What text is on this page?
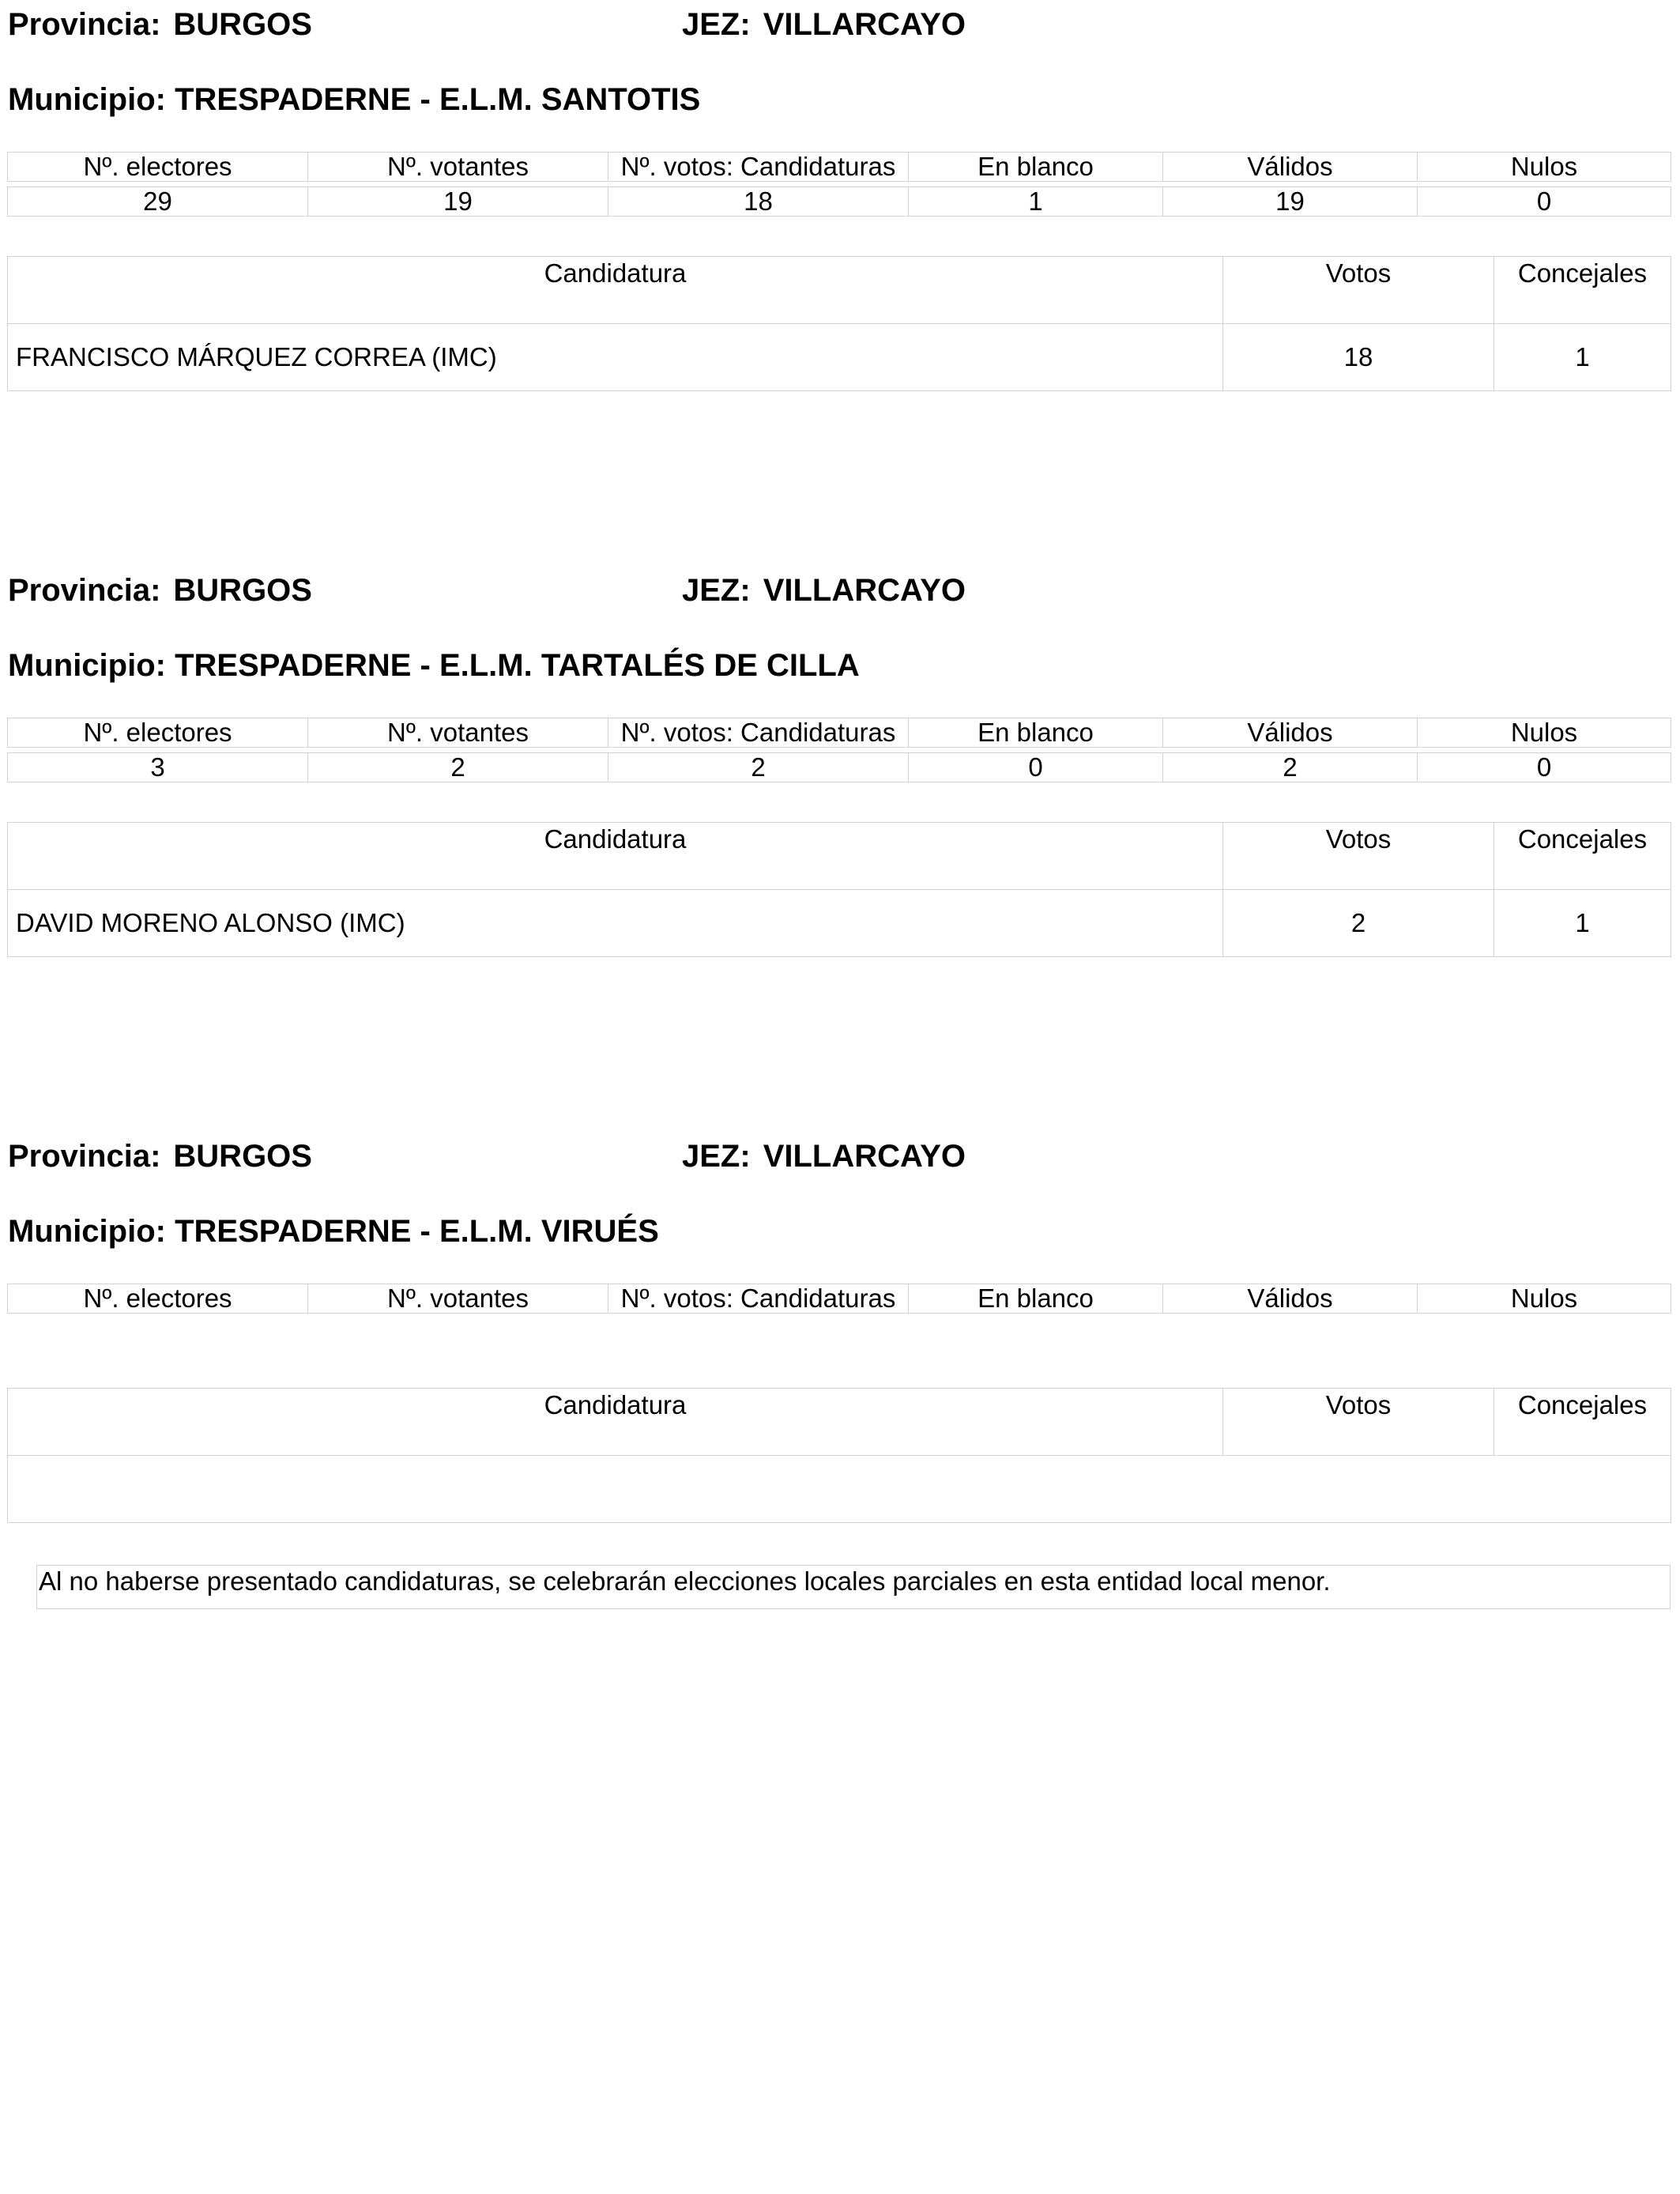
Provincia: BURGOS	JEZ: VILLARCAYO
Municipio: TRESPADERNE - E.L.M. SANTOTIS
Nº. electores	Nº. votantes	Nº. votos: Candidaturas	En blanco	Válidos	Nulos

29	19	18	1	19	0
Candidatura	Votos	Concejales
FRANCISCO MÁRQUEZ CORREA (IMC)	18	1
Provincia: BURGOS	JEZ: VILLARCAYO
Municipio: TRESPADERNE - E.L.M. TARTALÉS DE CILLA
Nº. electores	Nº. votantes	Nº. votos: Candidaturas	En blanco	Válidos	Nulos

3	2	2	0	2	0
Candidatura	Votos	Concejales
DAVID MORENO ALONSO (IMC)	2	1
Provincia: BURGOS	JEZ: VILLARCAYO
Municipio: TRESPADERNE - E.L.M. VIRUÉS
Nº. electores	Nº. votantes	Nº. votos: Candidaturas	En blanco	Válidos	Nulos
Candidatura	Votos	Concejales

Al no haberse presentado candidaturas, se celebrarán elecciones locales parciales en esta entidad local menor.
